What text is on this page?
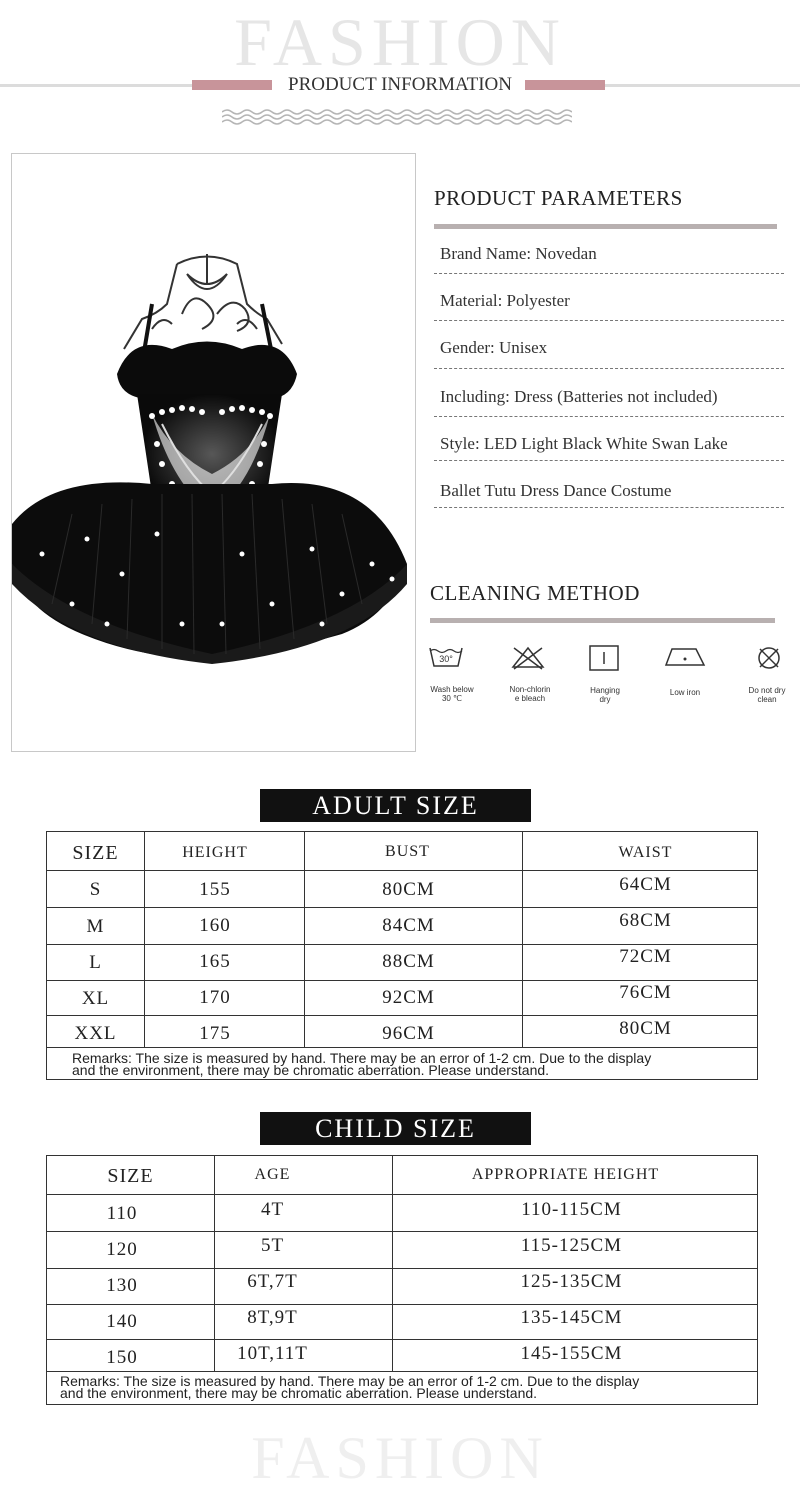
FASHION
PRODUCT INFORMATION
PRODUCT PARAMETERS
Brand Name: Novedan
Material: Polyester
Gender: Unisex
Including: Dress (Batteries not included)
Style: LED Light Black White Swan Lake
Ballet Tutu Dress Dance Costume
CLEANING METHOD
30°
Wash below
30 ℃
Non-chlorin
e bleach
Hanging
dry
Low iron	Do not dry
clean
ADULT SIZE
SIZE	HEIGHT	BUST	WAIST
S	155	80CM	64CM
M	160	84CM	68CM
L	165	88CM	72CM
XL	170	92CM	76CM
XXL	175	96CM	80CM
Remarks: The size is measured by hand. There may be an error of 1-2 cm. Due to the display
and the environment, there may be chromatic aberration. Please understand.
CHILD SIZE
SIZE	AGE	APPROPRIATE HEIGHT
110	4T	110-115CM
120	5T	115-125CM
130	6T,7T	125-135CM
140	8T,9T	135-145CM
150	10T,11T	145-155CM
Remarks: The size is measured by hand. There may be an error of 1-2 cm. Due to the display
and the environment, there may be chromatic aberration. Please understand.
FASHION
